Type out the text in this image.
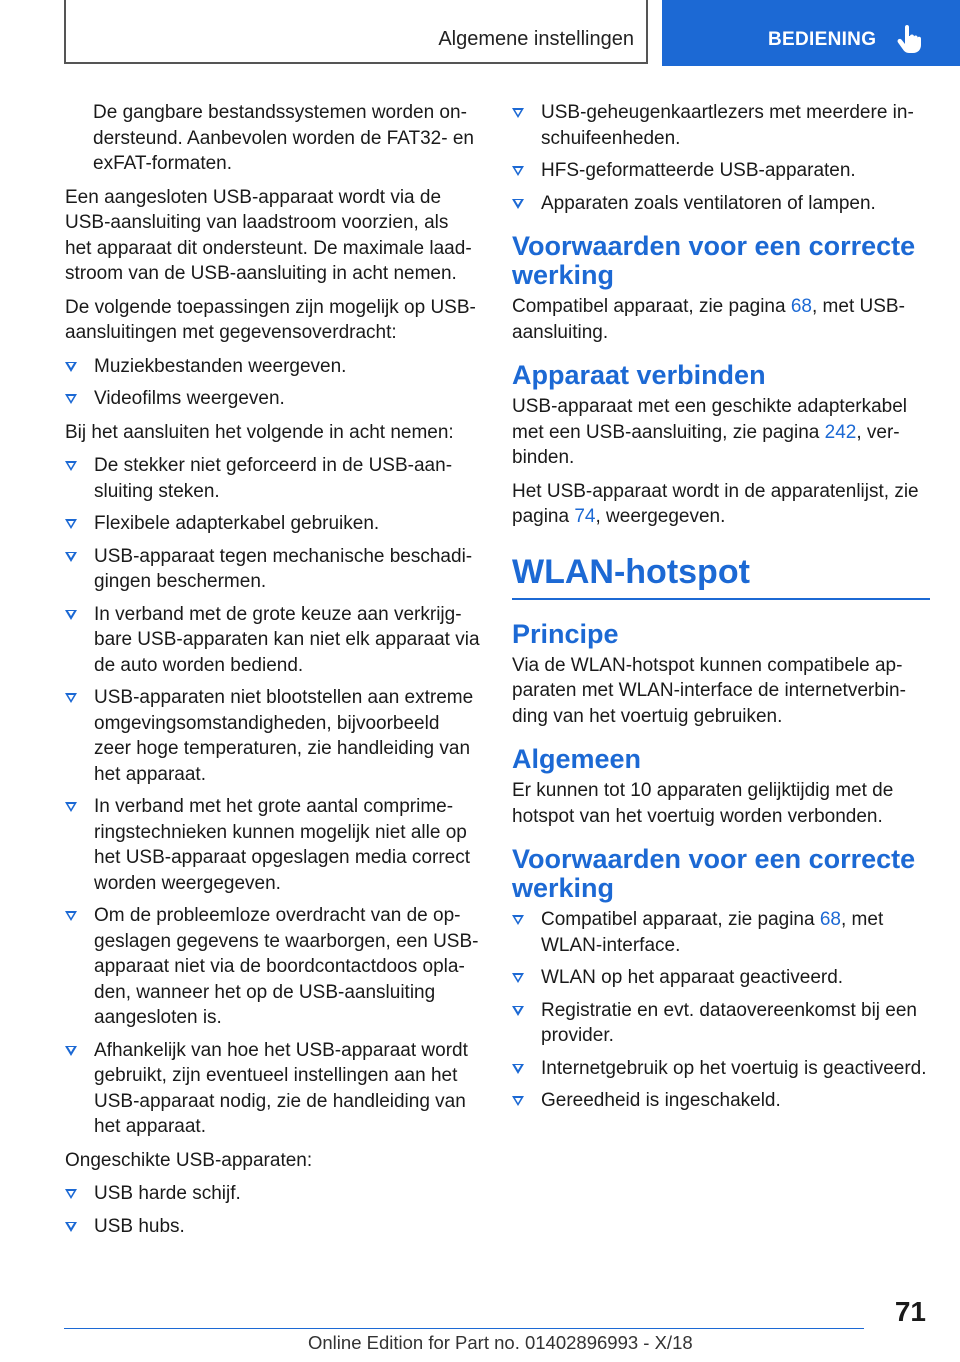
Algemene instellingen	BEDIENING

De gangbare bestandssystemen worden ondersteund. Aanbevolen worden de FAT32- en exFAT-formaten.

Een aangesloten USB-apparaat wordt via de USB-aansluiting van laadstroom voorzien, als het apparaat dit ondersteunt. De maximale laadstroom van de USB-aansluiting in acht nemen.

De volgende toepassingen zijn mogelijk op USB-aansluitingen met gegevensoverdracht:

Muziekbestanden weergeven.
Videofilms weergeven.

Bij het aansluiten het volgende in acht nemen:

De stekker niet geforceerd in de USB-aansluiting steken.
Flexibele adapterkabel gebruiken.
USB-apparaat tegen mechanische beschadigingen beschermen.
In verband met de grote keuze aan verkrijgbare USB-apparaten kan niet elk apparaat via de auto worden bediend.
USB-apparaten niet blootstellen aan extreme omgevingsomstandigheden, bijvoorbeeld zeer hoge temperaturen, zie handleiding van het apparaat.
In verband met het grote aantal comprimeringstechnieken kunnen mogelijk niet alle op het USB-apparaat opgeslagen media correct worden weergegeven.
Om de probleemloze overdracht van de opgeslagen gegevens te waarborgen, een USB-apparaat niet via de boordcontactdoos opladen, wanneer het op de USB-aansluiting aangesloten is.
Afhankelijk van hoe het USB-apparaat wordt gebruikt, zijn eventueel instellingen aan het USB-apparaat nodig, zie de handleiding van het apparaat.

Ongeschikte USB-apparaten:

USB harde schijf.
USB hubs.
USB-geheugenkaartlezers met meerdere inschuifeenheden.
HFS-geformatteerde USB-apparaten.
Apparaten zoals ventilatoren of lampen.
Voorwaarden voor een correcte werking

Compatibel apparaat, zie pagina 68, met USB-aansluiting.

Apparaat verbinden

USB-apparaat met een geschikte adapterkabel met een USB-aansluiting, zie pagina 242, verbinden.

Het USB-apparaat wordt in de apparatenlijst, zie pagina 74, weergegeven.

WLAN-hotspot
Principe

Via de WLAN-hotspot kunnen compatibele apparaten met WLAN-interface de internetverbinding van het voertuig gebruiken.

Algemeen

Er kunnen tot 10 apparaten gelijktijdig met de hotspot van het voertuig worden verbonden.

Voorwaarden voor een correcte werking
Compatibel apparaat, zie pagina 68, met WLAN-interface.
WLAN op het apparaat geactiveerd.
Registratie en evt. dataovereenkomst bij een provider.
Internetgebruik op het voertuig is geactiveerd.
Gereedheid is ingeschakeld.
71
Online Edition for Part no. 01402896993 - X/18
